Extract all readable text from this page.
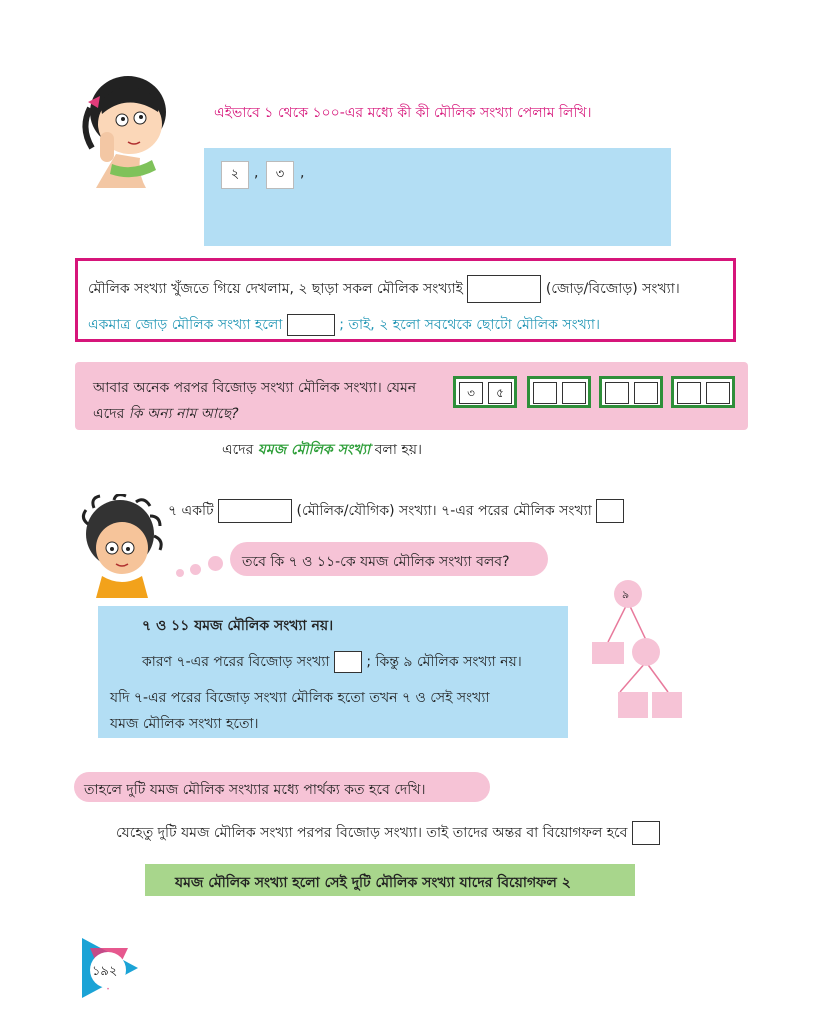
এইভাবে ১ থেকে ১০০-এর মধ্যে কী কী মৌলিক সংখ্যা পেলাম লিখি।
২	,	৩	,
মৌলিক সংখ্যা খুঁজতে গিয়ে দেখলাম, ২ ছাড়া সকল মৌলিক সংখ্যাই	(জোড়/বিজোড়) সংখ্যা।
একমাত্র জোড় মৌলিক সংখ্যা হলো	; তাই, ২ হলো সবথেকে ছোটো মৌলিক সংখ্যা।
আবার অনেক পরপর বিজোড় সংখ্যা মৌলিক সংখ্যা। যেমন
এদের কি অন্য নাম আছে?
৩	৫
এদের যমজ মৌলিক সংখ্যা বলা হয়।
৭ একটি	(মৌলিক/যৌগিক) সংখ্যা। ৭-এর পরের মৌলিক সংখ্যা
তবে কি ৭ ও ১১-কে যমজ মৌলিক সংখ্যা বলব?
৭ ও ১১ যমজ মৌলিক সংখ্যা নয়।
কারণ ৭-এর পরের বিজোড় সংখ্যা	; কিন্তু ৯ মৌলিক সংখ্যা নয়।
যদি ৭-এর পরের বিজোড় সংখ্যা মৌলিক হতো তখন ৭ ও সেই সংখ্যা
যমজ মৌলিক সংখ্যা হতো।
৯
তাহলে দুটি যমজ মৌলিক সংখ্যার মধ্যে পার্থক্য কত হবে দেখি।
যেহেতু দুটি যমজ মৌলিক সংখ্যা পরপর বিজোড় সংখ্যা। তাই তাদের অন্তর বা বিয়োগফল হবে
যমজ মৌলিক সংখ্যা হলো সেই দুটি মৌলিক সংখ্যা যাদের বিয়োগফল ২
১৯২
